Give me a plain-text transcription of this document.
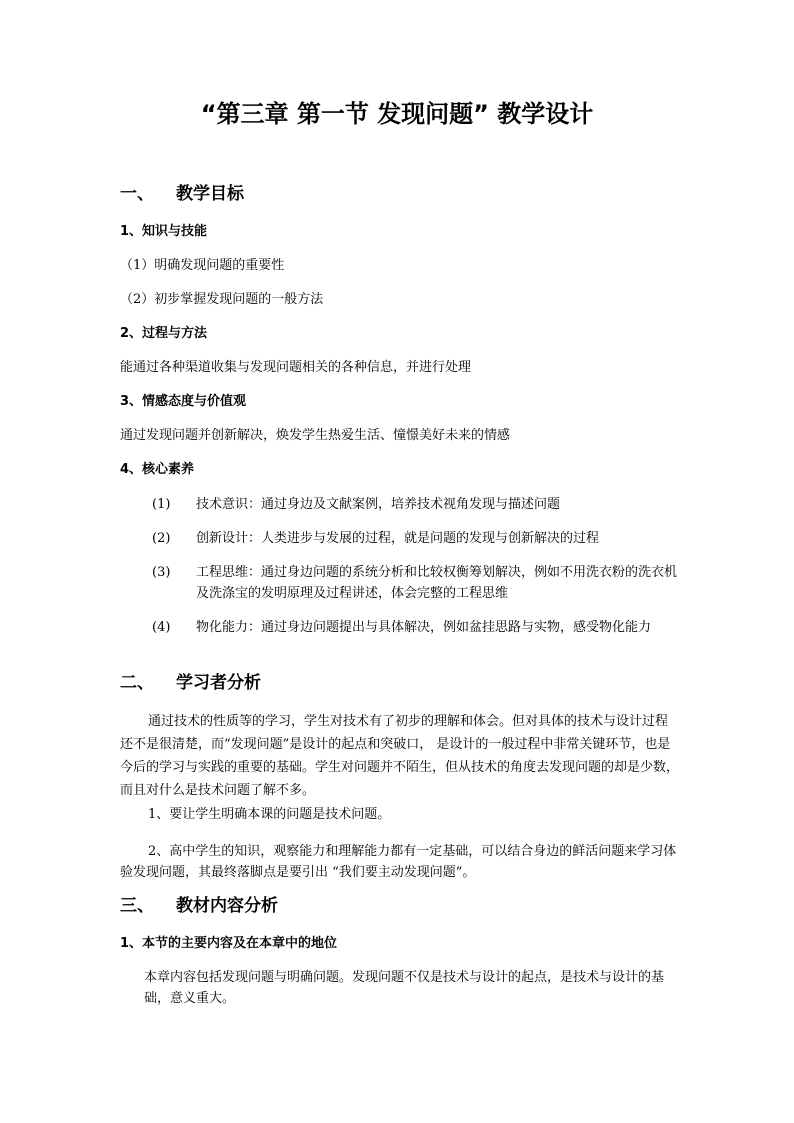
“第三章 第一节 发现问题” 教学设计
一、 教学目标
1、知识与技能
（1）明确发现问题的重要性
（2）初步掌握发现问题的一般方法
2、过程与方法
能通过各种渠道收集与发现问题相关的各种信息，并进行处理
3、情感态度与价值观
通过发现问题并创新解决，焕发学生热爱生活、憧憬美好未来的情感
4、核心素养
(1)	技术意识：通过身边及文献案例，培养技术视角发现与描述问题
(2)	创新设计：人类进步与发展的过程，就是问题的发现与创新解决的过程
(3)	工程思维：通过身边问题的系统分析和比较权衡筹划解决，例如不用洗衣粉的洗衣机及洗涤宝的发明原理及过程讲述，体会完整的工程思维
(4)	物化能力：通过身边问题提出与具体解决，例如盆挂思路与实物，感受物化能力
二、 学习者分析
通过技术的性质等的学习，学生对技术有了初步的理解和体会。但对具体的技术与设计过程还不是很清楚，而“发现问题”是设计的起点和突破口， 是设计的一般过程中非常关键环节，也是今后的学习与实践的重要的基础。学生对问题并不陌生，但从技术的角度去发现问题的却是少数，而且对什么是技术问题了解不多。
1、要让学生明确本课的问题是技术问题。
2、高中学生的知识，观察能力和理解能力都有一定基础，可以结合身边的鲜活问题来学习体验发现问题，其最终落脚点是要引出 “我们要主动发现问题”。
三、 教材内容分析
1、本节的主要内容及在本章中的地位
本章内容包括发现问题与明确问题。发现问题不仅是技术与设计的起点，是技术与设计的基础，意义重大。
